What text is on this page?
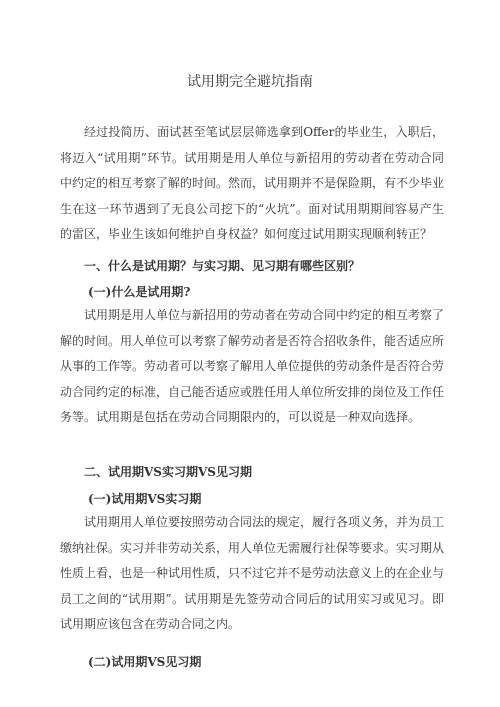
试用期完全避坑指南

经过投简历、面试甚至笔试层层筛选拿到Offer的毕业生，入职后，将迈入“试用期”环节。试用期是用人单位与新招用的劳动者在劳动合同中约定的相互考察了解的时间。然而，试用期并不是保险期，有不少毕业生在这一环节遇到了无良公司挖下的“火坑”。面对试用期期间容易产生的雷区，毕业生该如何维护自身权益？如何度过试用期实现顺利转正？

一、什么是试用期？与实习期、见习期有哪些区别？
(一)什么是试用期?

试用期是用人单位与新招用的劳动者在劳动合同中约定的相互考察了解的时间。用人单位可以考察了解劳动者是否符合招收条件，能否适应所从事的工作等。劳动者可以考察了解用人单位提供的劳动条件是否符合劳动合同约定的标准，自己能否适应或胜任用人单位所安排的岗位及工作任务等。试用期是包括在劳动合同期限内的，可以说是一种双向选择。

二、试用期VS实习期VS见习期
(一)试用期VS实习期

试用期用人单位要按照劳动合同法的规定，履行各项义务，并为员工缴纳社保。实习并非劳动关系，用人单位无需履行社保等要求。实习期从性质上看，也是一种试用性质，只不过它并不是劳动法意义上的在企业与员工之间的“试用期”。试用期是先签劳动合同后的试用实习或见习。即试用期应该包含在劳动合同之内。

(二)试用期VS见习期
